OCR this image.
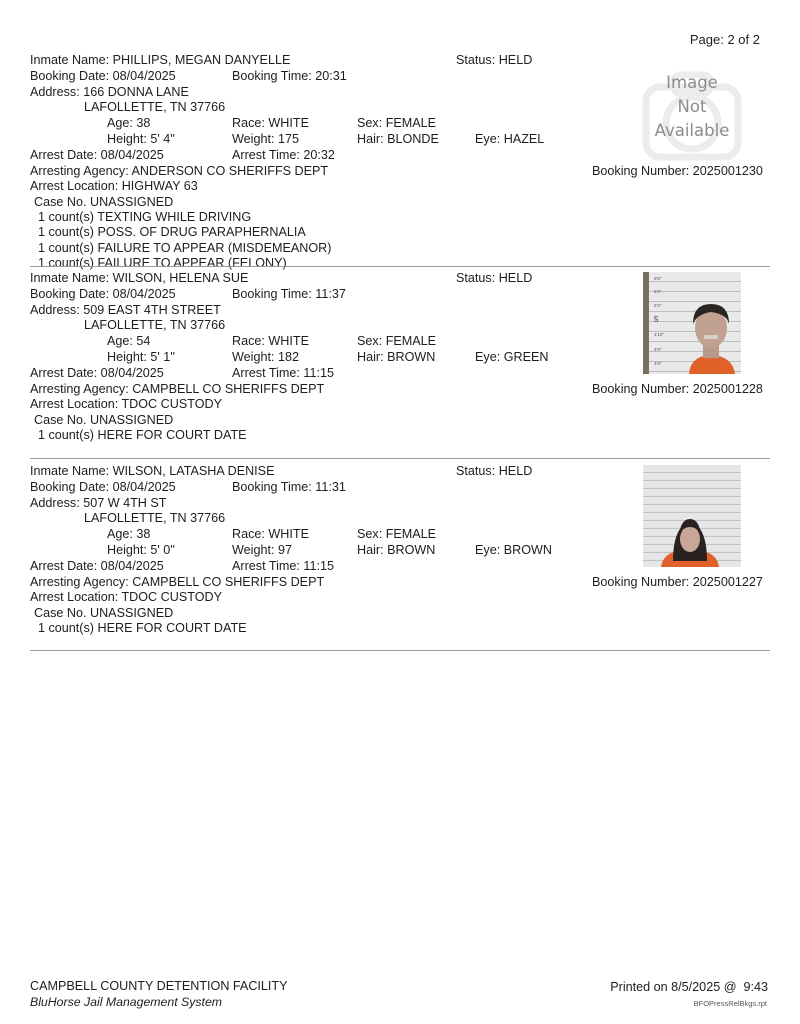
Page: 2 of 2
Inmate Name: PHILLIPS, MEGAN DANYELLE	Status: HELD
Booking Date: 08/04/2025	Booking Time: 20:31
Address: 166 DONNA LANE
LAFOLLETTE, TN 37766
Age: 38	Race: WHITE	Sex: FEMALE
Height: 5' 4"	Weight: 175	Hair: BLONDE	Eye: HAZEL
Arrest Date: 08/04/2025	Arrest Time: 20:32
Arresting Agency: ANDERSON CO SHERIFFS DEPT
Arrest Location: HIGHWAY 63
Case No. UNASSIGNED
1 count(s) TEXTING WHILE DRIVING
1 count(s) POSS. OF DRUG PARAPHERNALIA
1 count(s) FAILURE TO APPEAR (MISDEMEANOR)
1 count(s) FAILURE TO APPEAR (FELONY)
Booking Number: 2025001230
Image
Not
Available
Inmate Name: WILSON, HELENA SUE	Status: HELD
Booking Date: 08/04/2025	Booking Time: 11:37
Address: 509 EAST 4TH STREET
LAFOLLETTE, TN 37766
Age: 54	Race: WHITE	Sex: FEMALE
Height: 5' 1"	Weight: 182	Hair: BROWN	Eye: GREEN
Arrest Date: 08/04/2025	Arrest Time: 11:15
Arresting Agency: CAMPBELL CO SHERIFFS DEPT
Arrest Location: TDOC CUSTODY
Case No. UNASSIGNED
1 count(s) HERE FOR COURT DATE
Booking Number: 2025001228
5'6"
5'4"
5'2"
5
4'10"
4'8"
4'6"
Inmate Name: WILSON, LATASHA DENISE	Status: HELD
Booking Date: 08/04/2025	Booking Time: 11:31
Address: 507 W 4TH ST
LAFOLLETTE, TN 37766
Age: 38	Race: WHITE	Sex: FEMALE
Height: 5' 0"	Weight: 97	Hair: BROWN	Eye: BROWN
Arrest Date: 08/04/2025	Arrest Time: 11:15
Arresting Agency: CAMPBELL CO SHERIFFS DEPT
Arrest Location: TDOC CUSTODY
Case No. UNASSIGNED
1 count(s) HERE FOR COURT DATE
Booking Number: 2025001227
CAMPBELL COUNTY DETENTION FACILITY
BluHorse Jail Management System
Printed on 8/5/2025 @  9:43
BFOPressRelBkgs.rpt
